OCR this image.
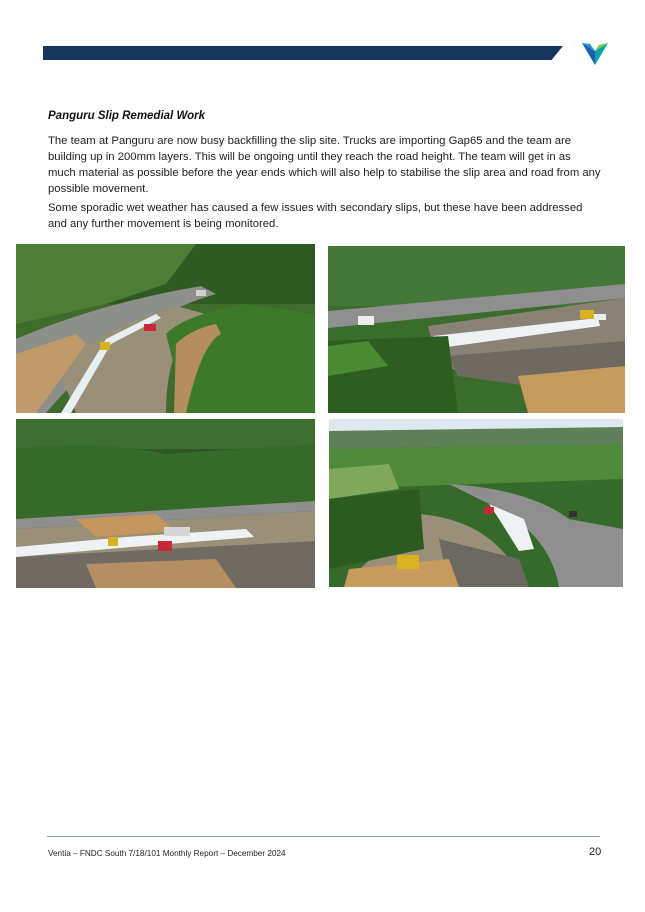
Panguru Slip Remedial Work

The team at Panguru are now busy backfilling the slip site. Trucks are importing Gap65 and the team are building up in 200mm layers. This will be ongoing until they reach the road height. The team will get in as much material as possible before the year ends which will also help to stabilise the slip area and road from any possible movement.

Some sporadic wet weather has caused a few issues with secondary slips, but these have been addressed and any further movement is being monitored.

Ventia – FNDC South 7/18/101 Monthly Report – December 2024	20
